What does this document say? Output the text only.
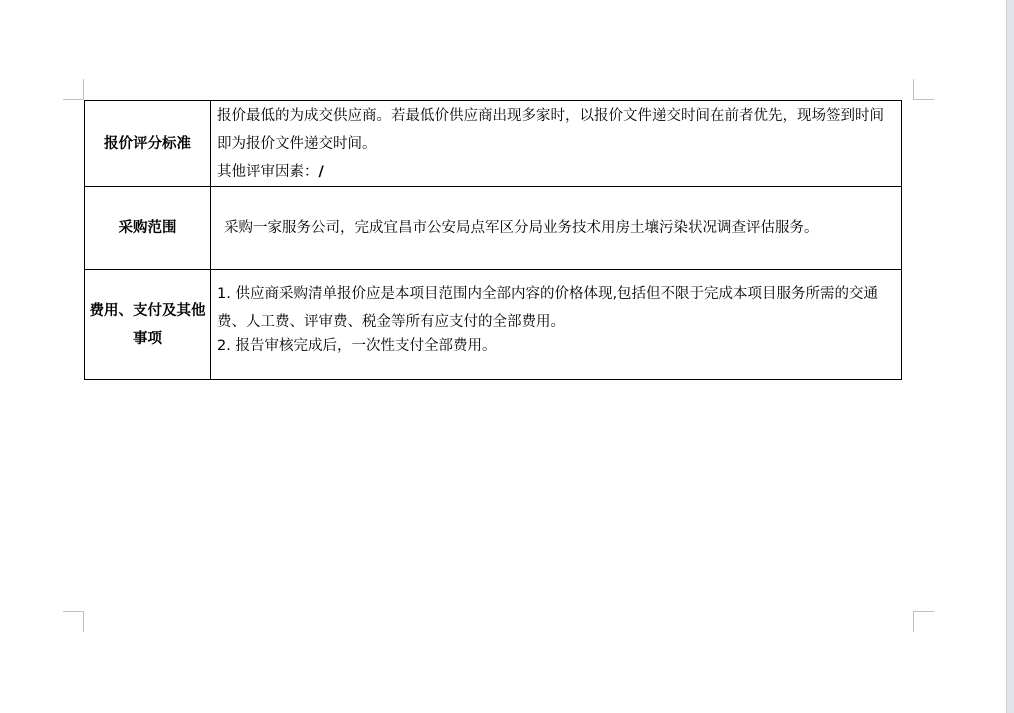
报价评分标准	报价最低的为成交供应商。若最低价供应商出现多家时，以报价文件递交时间在前者优先，现场签到时间即为报价文件递交时间。
其他评审因素：/

采购范围	采购一家服务公司，完成宜昌市公安局点军区分局业务技术用房土壤污染状况调查评估服务。

费用、支付及其他事项	1. 供应商采购清单报价应是本项目范围内全部内容的价格体现,包括但不限于完成本项目服务所需的交通费、人工费、评审费、税金等所有应支付的全部费用。
2. 报告审核完成后，一次性支付全部费用。
